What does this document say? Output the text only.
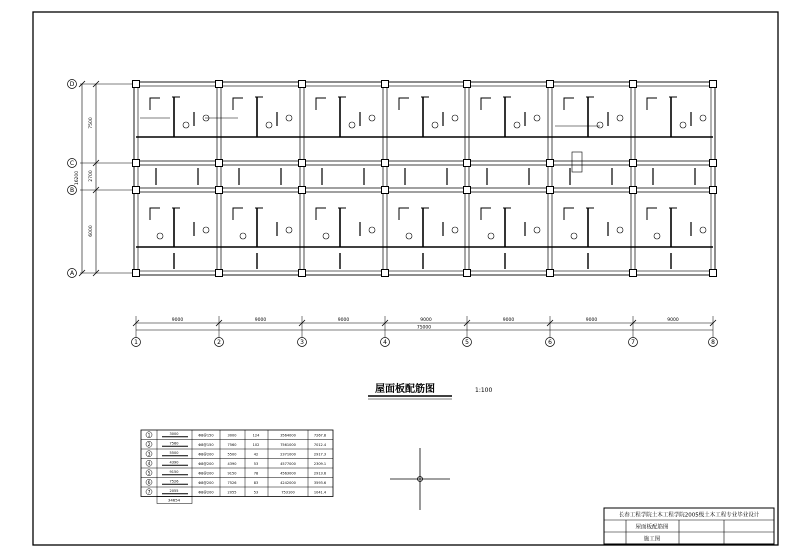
D
C
B
A
7500
2700
6000
16200
1
9000
2
9000
3
9000
4
9000
5
9000
6
9000
7
9000
8
75000
屋面板配筋图	1:100
1	3000	Φ8@150	3000	124	3564000	7267.8
2	7560	Φ8@150	7560	102	7561000	7012.4
3	5500	Φ8@200	5500	42	2371000	2917.3
4	4390	Φ8@200	4390	53	4577000	2309.1
5	9150	Φ8@200	9150	78	4563000	2913.6
6	7526	Φ8@200	7526	83	4242000	3593.6
7	2055	Φ8@200	2055	53	753100	1041.4
34654
长春工程学院土木工程学院2005级土木工程专业毕业设计
屋面板配筋图
施工图
